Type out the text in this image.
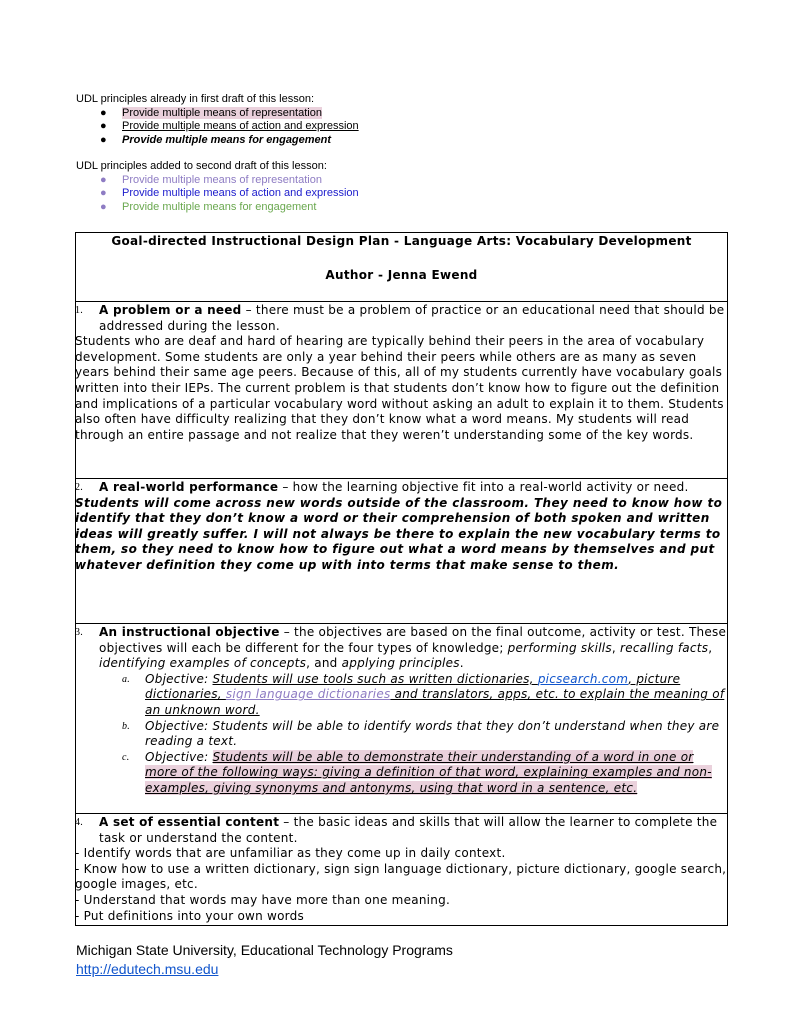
UDL principles already in first draft of this lesson:

● Provide multiple means of representation
● Provide multiple means of action and expression
● Provide multiple means for engagement

UDL principles added to second draft of this lesson:

● Provide multiple means of representation
● Provide multiple means of action and expression
● Provide multiple means for engagement
Goal-directed Instructional Design Plan - Language Arts: Vocabulary Development
Author - Jenna Ewend
1.	A problem or a need – there must be a problem of practice or an educational need that should be addressed during the lesson.

Students who are deaf and hard of hearing are typically behind their peers in the area of vocabulary development. Some students are only a year behind their peers while others are as many as seven years behind their same age peers. Because of this, all of my students currently have vocabulary goals written into their IEPs. The current problem is that students don’t know how to figure out the definition and implications of a particular vocabulary word without asking an adult to explain it to them. Students also often have difficulty realizing that they don’t know what a word means. My students will read through an entire passage and not realize that they weren’t understanding some of the key words.

2.	A real-world performance – how the learning objective fit into a real-world activity or need.

Students will come across new words outside of the classroom. They need to know how to identify that they don’t know a word or their comprehension of both spoken and written ideas will greatly suffer. I will not always be there to explain the new vocabulary terms to them, so they need to know how to figure out what a word means by themselves and put whatever definition they come up with into terms that make sense to them.

3.	An instructional objective – the objectives are based on the final outcome, activity or test. These objectives will each be different for the four types of knowledge; performing skills, recalling facts, identifying examples of concepts, and applying principles.

a. Objective: Students will use tools such as written dictionaries, picsearch.com, picture dictionaries, sign language dictionaries and translators, apps, etc. to explain the meaning of an unknown word.

b. Objective: Students will be able to identify words that they don’t understand when they are reading a text.

c. Objective: Students will be able to demonstrate their understanding of a word in one or more of the following ways: giving a definition of that word, explaining examples and non-examples, giving synonyms and antonyms, using that word in a sentence, etc.

4.	A set of essential content – the basic ideas and skills that will allow the learner to complete the task or understand the content.

- Identify words that are unfamiliar as they come up in daily context.

- Know how to use a written dictionary, sign sign language dictionary, picture dictionary, google search, google images, etc.

- Understand that words may have more than one meaning.

- Put definitions into your own words

Michigan State University, Educational Technology Programs
http://edutech.msu.edu
